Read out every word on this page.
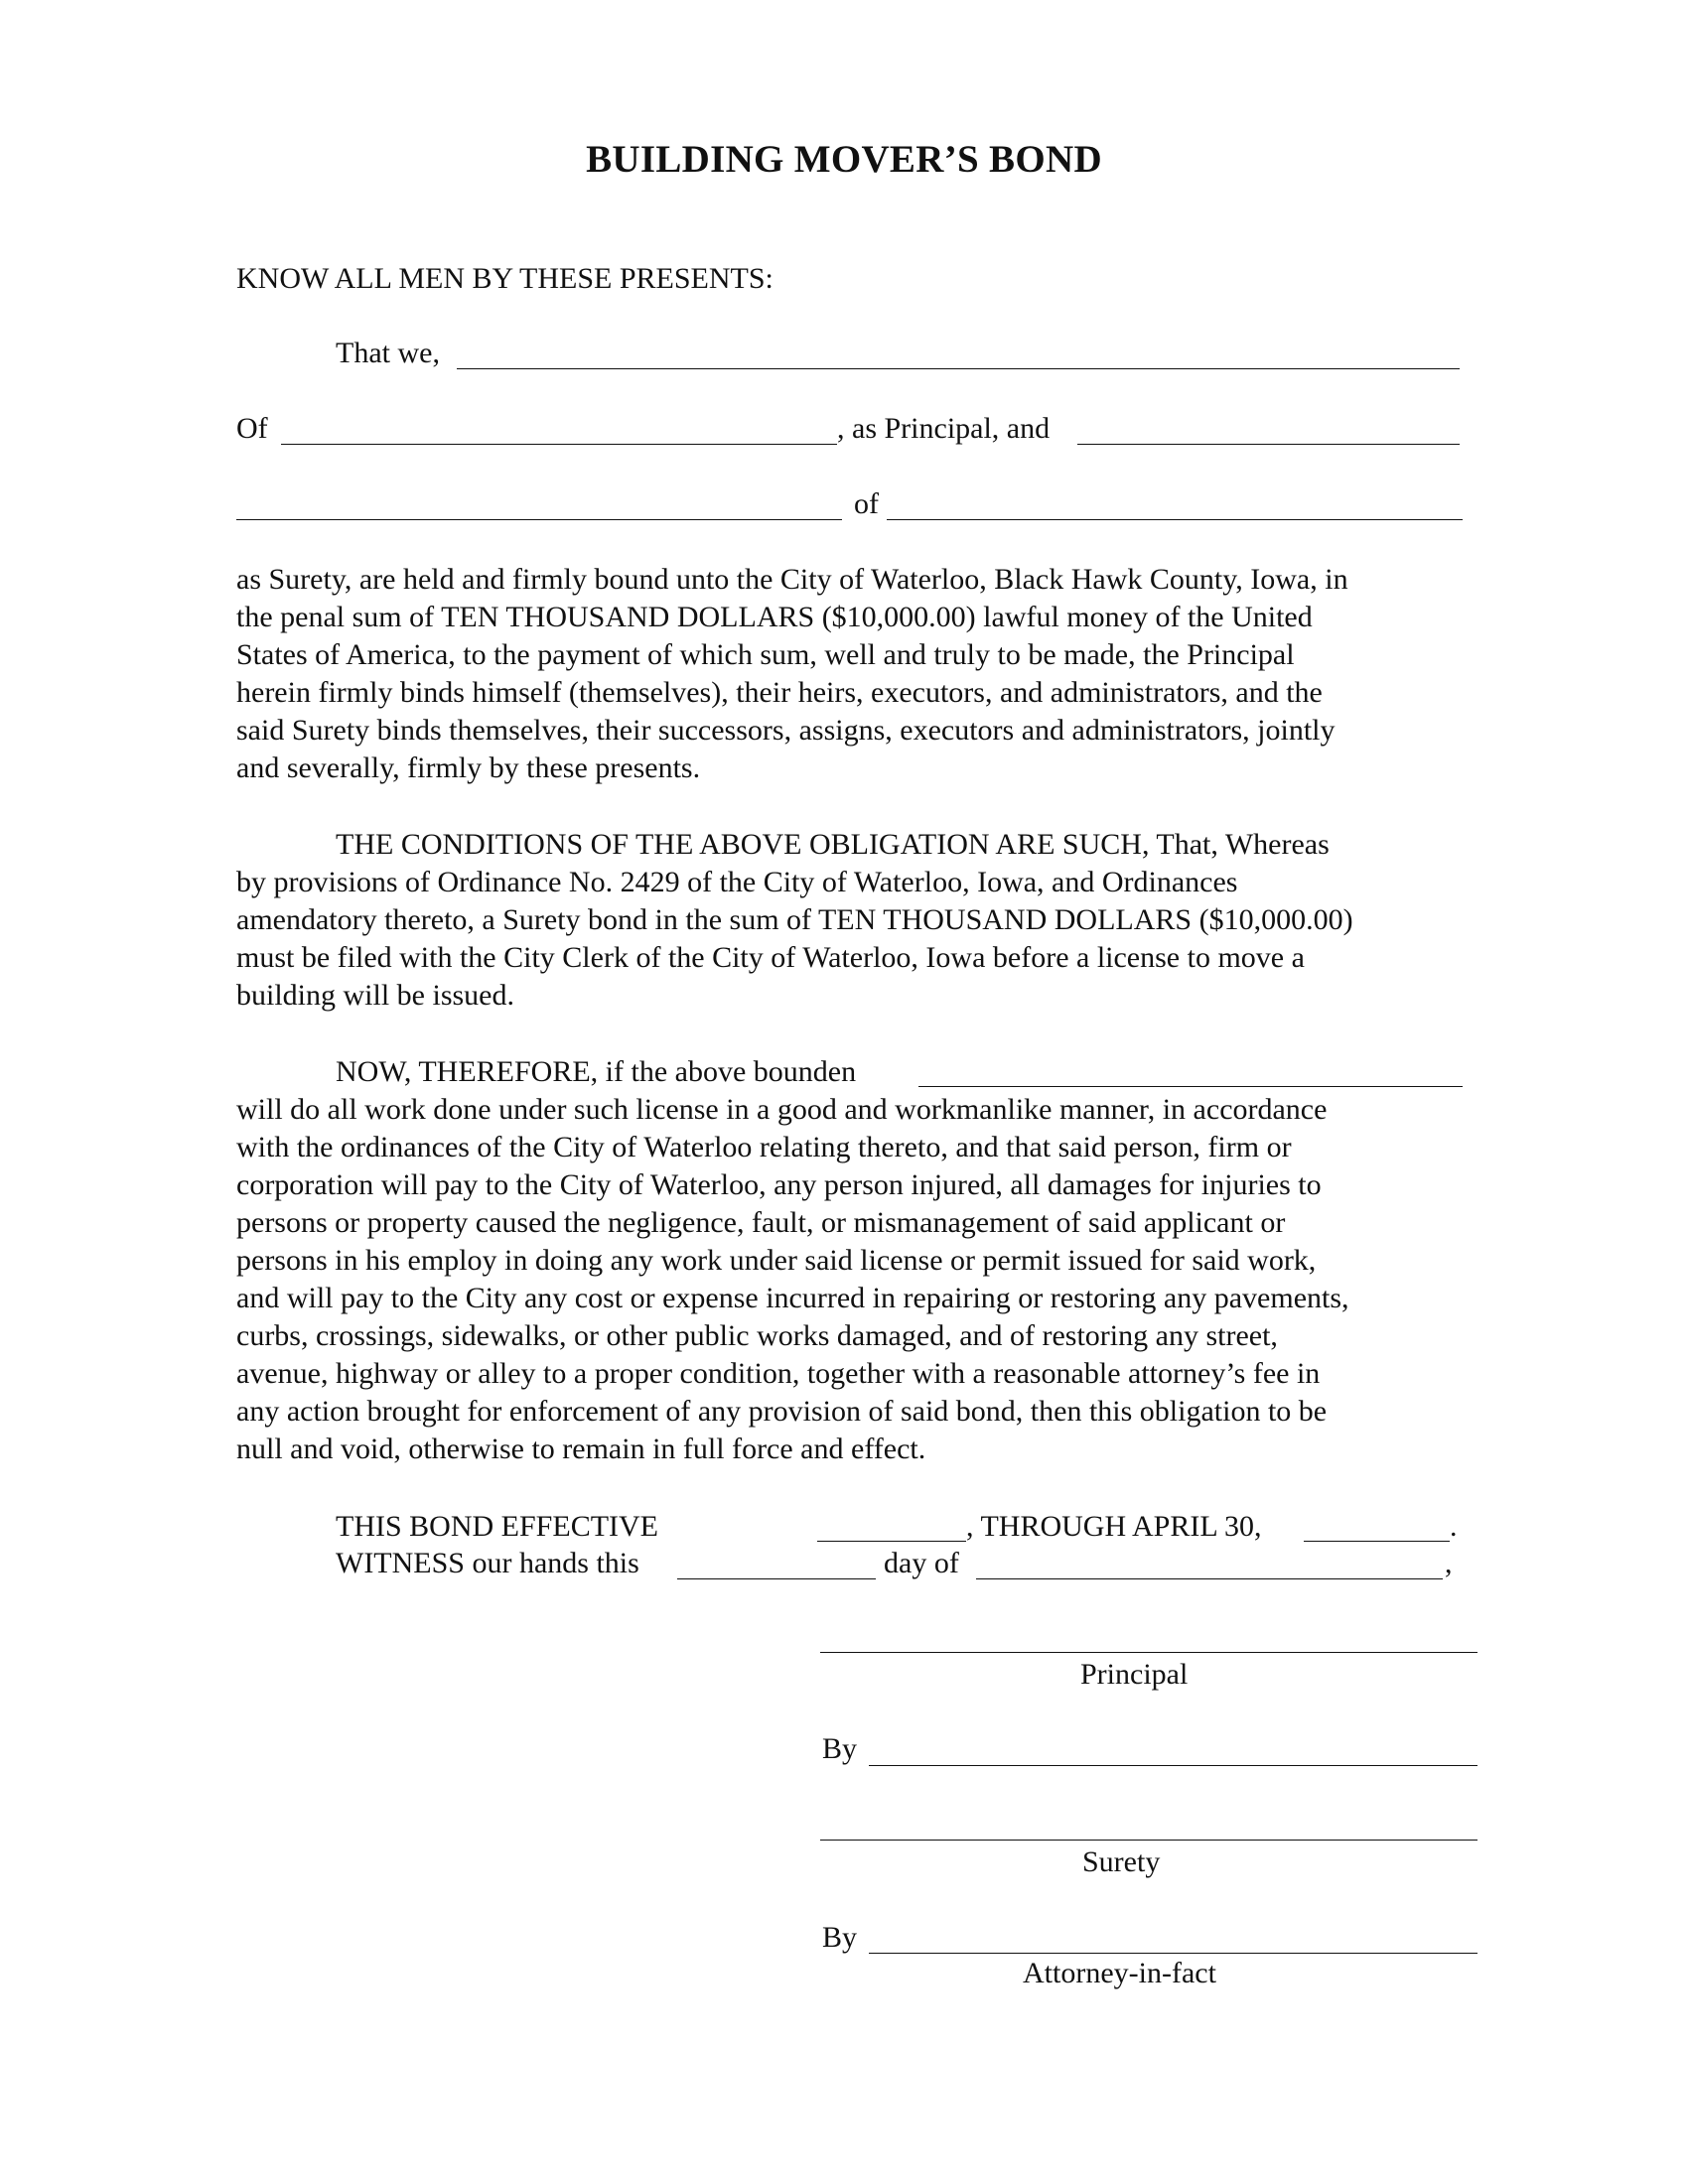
BUILDING MOVER’S BOND
KNOW ALL MEN BY THESE PRESENTS:
That we,
Of	, as Principal, and
of
as Surety, are held and firmly bound unto the City of Waterloo, Black Hawk County, Iowa, in
the penal sum of TEN THOUSAND DOLLARS ($10,000.00) lawful money of the United
States of America, to the payment of which sum, well and truly to be made, the Principal
herein firmly binds himself (themselves), their heirs, executors, and administrators, and the
said Surety binds themselves, their successors, assigns, executors and administrators, jointly
and severally, firmly by these presents.
THE CONDITIONS OF THE ABOVE OBLIGATION ARE SUCH, That, Whereas
by provisions of Ordinance No. 2429 of the City of Waterloo, Iowa, and Ordinances
amendatory thereto, a Surety bond in the sum of TEN THOUSAND DOLLARS ($10,000.00)
must be filed with the City Clerk of the City of Waterloo, Iowa before a license to move a
building will be issued.
NOW, THEREFORE, if the above bounden
will do all work done under such license in a good and workmanlike manner, in accordance
with the ordinances of the City of Waterloo relating thereto, and that said person, firm or
corporation will pay to the City of Waterloo, any person injured, all damages for injuries to
persons or property caused the negligence, fault, or mismanagement of said applicant or
persons in his employ in doing any work under said license or permit issued for said work,
and will pay to the City any cost or expense incurred in repairing or restoring any pavements,
curbs, crossings, sidewalks, or other public works damaged, and of restoring any street,
avenue, highway or alley to a proper condition, together with a reasonable attorney’s fee in
any action brought for enforcement of any provision of said bond, then this obligation to be
null and void, otherwise to remain in full force and effect.
THIS BOND EFFECTIVE	, THROUGH APRIL 30,	.
WITNESS our hands this	day of	,
Principal
By
Surety
By
Attorney-in-fact
